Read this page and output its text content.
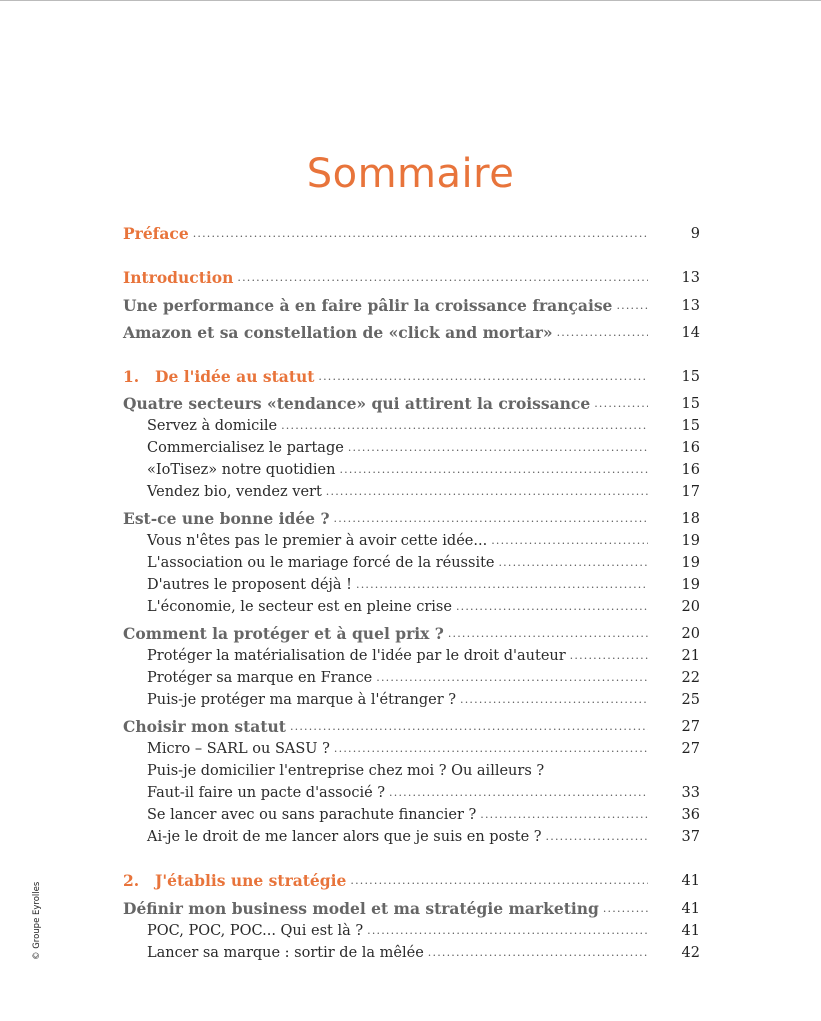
Sommaire
Préface .....	9
Introduction .....	13
Une performance à en faire pâlir la croissance française .....	13
Amazon et sa constellation de «click and mortar» .....	14
1. De l'idée au statut .....	15
Quatre secteurs «tendance» qui attirent la croissance .....	15
Servez à domicile .....	15
Commercialisez le partage .....	16
«IoTisez» notre quotidien .....	16
Vendez bio, vendez vert .....	17
Est-ce une bonne idée ? .....	18
Vous n'êtes pas le premier à avoir cette idée... .....	19
L'association ou le mariage forcé de la réussite .....	19
D'autres le proposent déjà ! .....	19
L'économie, le secteur est en pleine crise .....	20
Comment la protéger et à quel prix ? .....	20
Protéger la matérialisation de l'idée par le droit d'auteur .....	21
Protéger sa marque en France .....	22
Puis-je protéger ma marque à l'étranger ? .....	25
Choisir mon statut .....	27
Micro – SARL ou SASU ? .....	27
Puis-je domicilier l'entreprise chez moi ? Ou ailleurs ?
Faut-il faire un pacte d'associé ? .....	33
Se lancer avec ou sans parachute financier ? .....	36
Ai-je le droit de me lancer alors que je suis en poste ? .....	37
2. J'établis une stratégie .....	41
Définir mon business model et ma stratégie marketing .....	41
POC, POC, POC... Qui est là ? .....	41
Lancer sa marque : sortir de la mêlée .....	42
© Groupe Eyrolles
